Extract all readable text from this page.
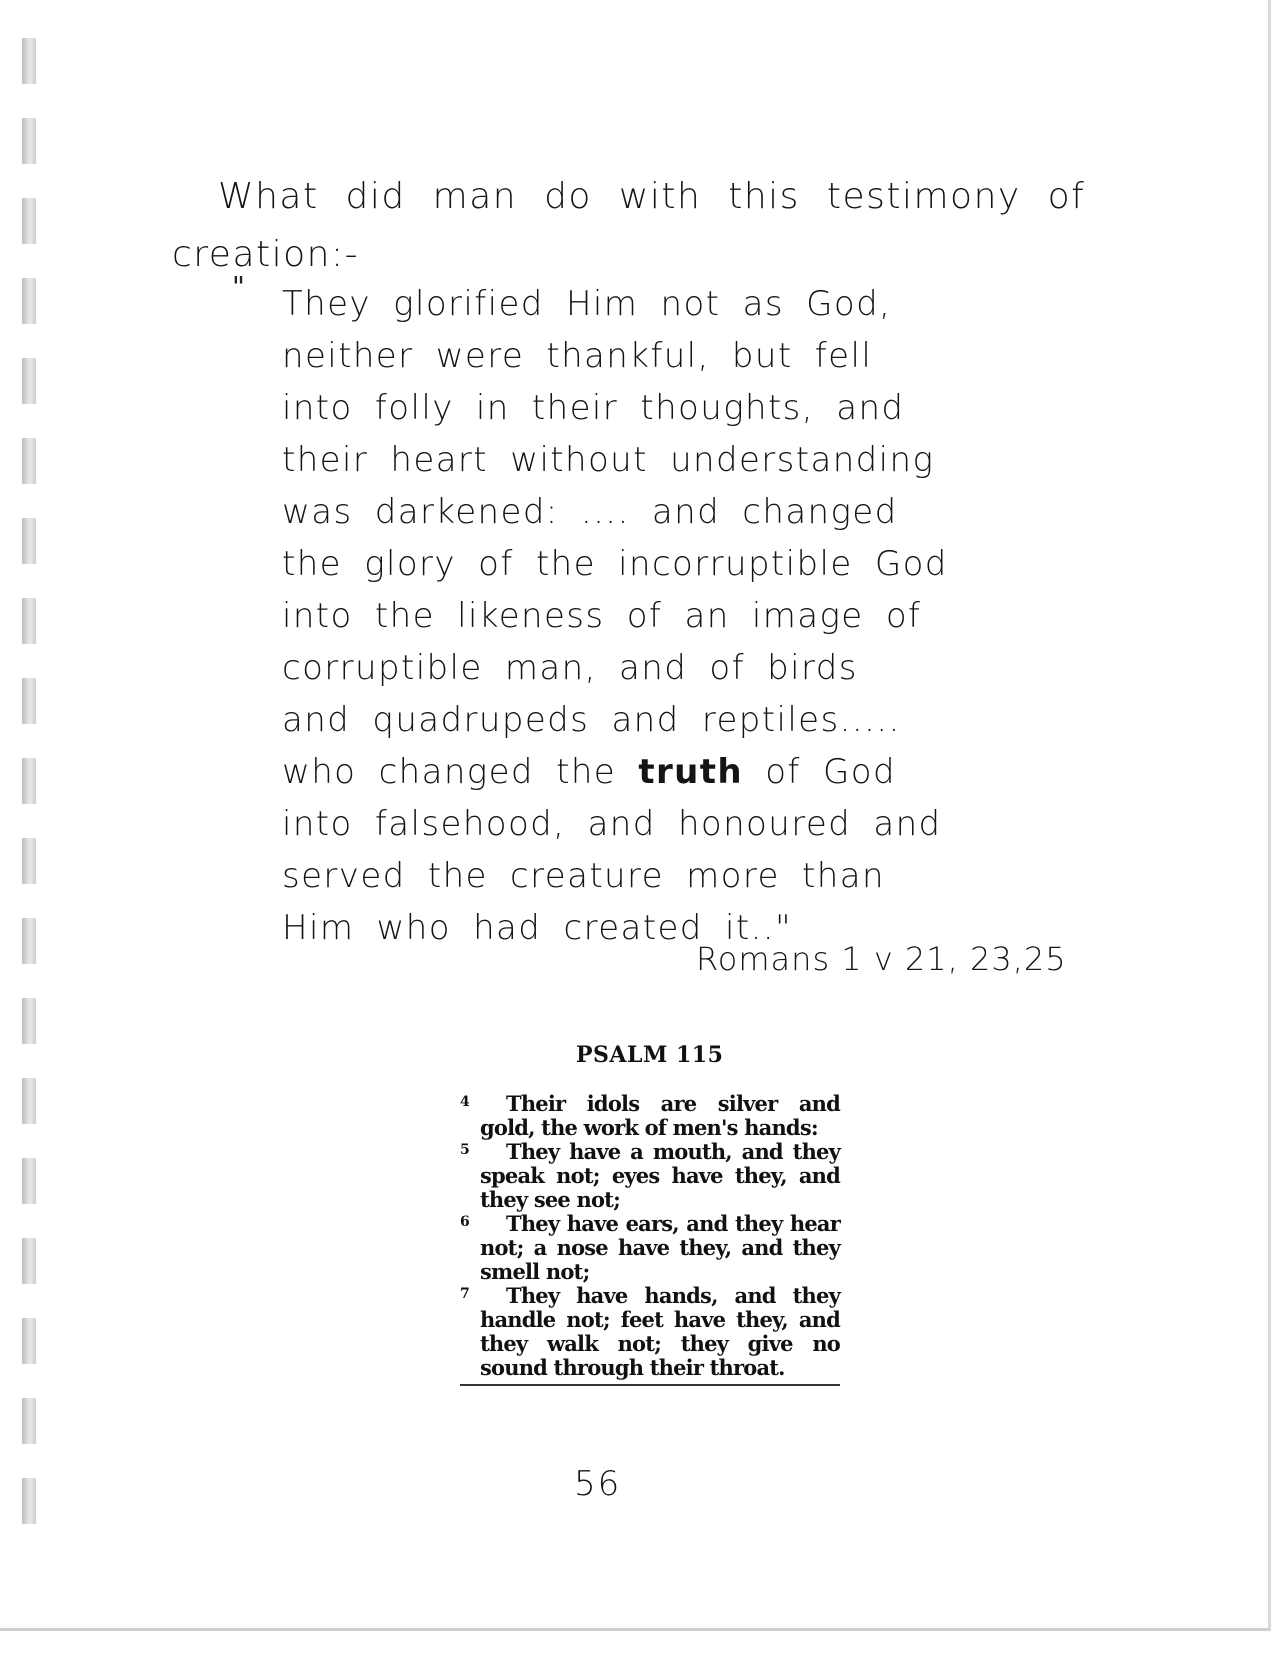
What did man do with this testimony of
creation:-
" They glorified Him not as God,
neither were thankful, but fell
into folly in their thoughts, and
their heart without understanding
was darkened: .... and changed
the glory of the incorruptible God
into the likeness of an image of
corruptible man, and of birds
and quadrupeds and reptiles.....
who changed the truth of God
into falsehood, and honoured and
served the creature more than
Him who had created it.."
Romans 1 v 21, 23,25
PSALM 115
4	Their idols are silver and gold, the work of men's hands:
5	They have a mouth, and they speak not; eyes have they, and they see not;
6	They have ears, and they hear not; a nose have they, and they smell not;
7	They have hands, and they handle not; feet have they, and they walk not; they give no sound through their throat.
56
